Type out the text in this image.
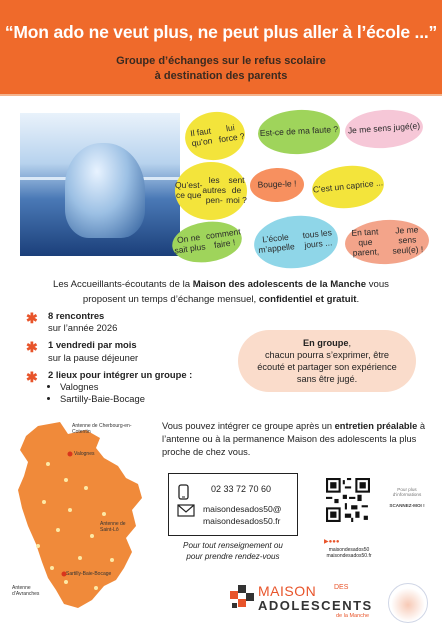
“Mon ado ne veut plus, ne peut plus aller à l’école ...”
Groupe d’échanges sur le refus scolaire
à destination des parents
Il faut qu’on
lui force ? Est-ce de ma faute ? Je me sens jugé(e)
Qu’est-ce que
les autres pen-
sent de moi ?
Bouge-le ! C’est un caprice ...
On ne sait plus
comment faire !	L’école m’appelle
tous les jours ...
En tant que parent,
Je me sens seul(e) !
Les Accueillants-écoutants de la Maison des adolescents de la Manche vous
proposent un temps d’échange mensuel, confidentiel et gratuit.
✱ 8 rencontres
sur l’année 2026
✱ 1 vendredi par mois
sur la pause déjeuner
✱ 2 lieux pour intégrer un groupe :
• Valognes
• Sartilly-Baie-Bocage
En groupe,
chacun pourra s’exprimer, être
écouté et partager son expérience
sans être jugé.
Antenne de Cherbourg-en-Cotentin
Valognes
Antenne de Saint-Lô
Sartilly-Baie-Bocage
Antenne d’Avranches
Vous pouvez intégrer ce groupe après un entretien préalable à l’antenne ou à la permanence Maison des adolescents la plus proche de chez vous.
02 33 72 70 60
maisondesados50@
maisondesados50.fr
Pour tout renseignement ou
pour prendre rendez-vous
▶●●●
maisondesados50
maisondesados50.fr
Pour plus
d’informations
SCANNEZ-MOI !
MAISON	DES
ADOLESCENTS
de la Manche
